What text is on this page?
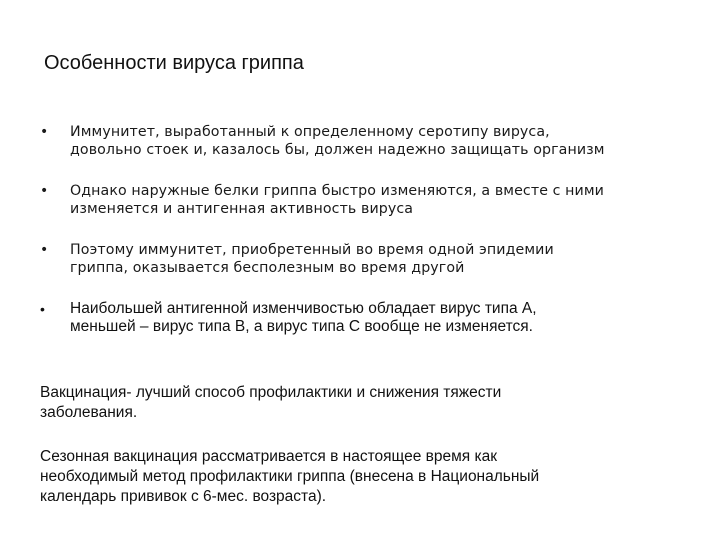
Особенности вируса гриппа
•	Иммунитет, выработанный к определенному серотипу вируса,
довольно стоек и, казалось бы, должен надежно защищать организм
•	Однако наружные белки гриппа быстро изменяются, а вместе с ними
изменяется и антигенная активность вируса
•	Поэтому иммунитет, приобретенный во время одной эпидемии
гриппа, оказывается бесполезным во время другой
•	Наибольшей антигенной изменчивостью обладает вирус типа А,
меньшей – вирус типа В, а вирус типа С вообще не изменяется.
Вакцинация- лучший способ профилактики и снижения тяжести
заболевания.
Сезонная вакцинация рассматривается в настоящее время как
необходимый метод профилактики гриппа (внесена в Национальный
календарь прививок с 6-мес. возраста).
